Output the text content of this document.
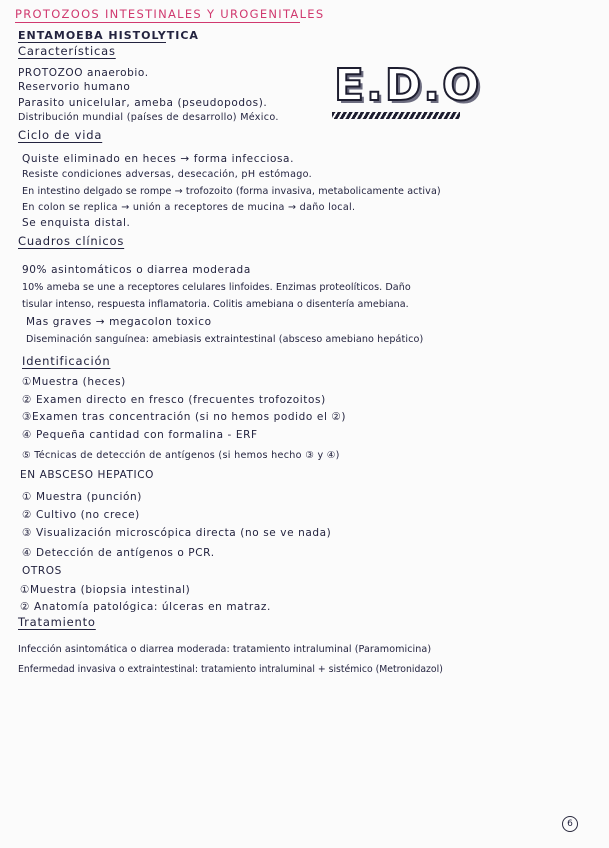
PROTOZOOS INTESTINALES Y UROGENITALES
ENTAMOEBA HISTOLYTICA
E.D.O
Características
PROTOZOO anaerobio.
Reservorio humano
Parasito unicelular, ameba (pseudopodos).
Distribución mundial (países de desarrollo) México.
Ciclo de vida
Quiste eliminado en heces → forma infecciosa.
Resiste condiciones adversas, desecación, pH estómago.
En intestino delgado se rompe → trofozoito (forma invasiva, metabolicamente activa)
En colon se replica → unión a receptores de mucina → daño local.
Se enquista distal.
Cuadros clínicos
90% asintomáticos o diarrea moderada
10% ameba se une a receptores celulares linfoides. Enzimas proteolíticos. Daño
tisular intenso, respuesta inflamatoria. Colitis amebiana o disentería amebiana.
Mas graves → megacolon toxico
Diseminación sanguínea: amebiasis extraintestinal (absceso amebiano hepático)
Identificación
①Muestra (heces)
② Examen directo en fresco (frecuentes trofozoitos)
③Examen tras concentración (si no hemos podido el ②)
④ Pequeña cantidad con formalina - ERF
⑤ Técnicas de detección de antígenos (si hemos hecho ③ y ④)
EN ABSCESO HEPATICO
① Muestra (punción)
② Cultivo (no crece)
③ Visualización microscópica directa (no se ve nada)
④ Detección de antígenos o PCR.
OTROS
①Muestra (biopsia intestinal)
② Anatomía patológica: úlceras en matraz.
Tratamiento
Infección asintomática o diarrea moderada: tratamiento intraluminal (Paramomicina)
Enfermedad invasiva o extraintestinal: tratamiento intraluminal + sistémico (Metronidazol)
6
